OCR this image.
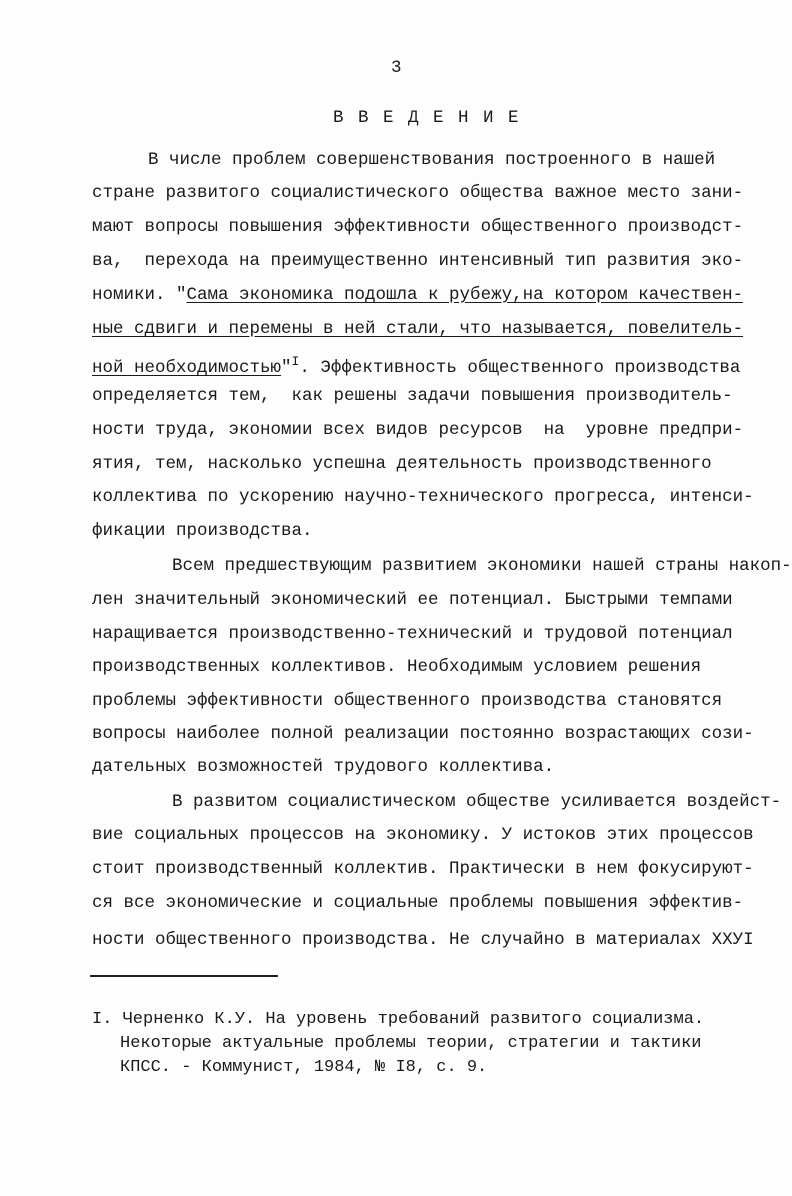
3
В В Е Д Е Н И Е
В числе проблем совершенствования построенного в нашей
стране развитого социалистического общества важное место зани-
мают вопросы повышения эффективности общественного производст-
ва,  перехода на преимущественно интенсивный тип развития эко-
номики. "Сама экономика подошла к рубежу,на котором качествен-
ные сдвиги и перемены в ней стали, что называется, повелитель-
ной необходимостью"$^I$. Эффективность общественного производства
определяется тем,  как решены задачи повышения производитель-
ности труда, экономии всех видов ресурсов  на  уровне предпри-
ятия, тем, насколько успешна деятельность производственного
коллектива по ускорению научно-технического прогресса, интенси-
фикации производства.
Всем предшествующим развитием экономики нашей страны накоп-
лен значительный экономический ее потенциал. Быстрыми темпами
наращивается производственно-технический и трудовой потенциал
производственных коллективов. Необходимым условием решения
проблемы эффективности общественного производства становятся
вопросы наиболее полной реализации постоянно возрастающих сози-
дательных возможностей трудового коллектива.
В развитом социалистическом обществе усиливается воздейст-
вие социальных процессов на экономику. У истоков этих процессов
стоит производственный коллектив. Практически в нем фокусируют-
ся все экономические и социальные проблемы повышения эффектив-
ности общественного производства. Не случайно в материалах XXУI
I. Черненко К.У. На уровень требований развитого социализма.
Некоторые актуальные проблемы теории, стратегии и тактики
КПСС. - Коммунист, 1984, № I8, с. 9.
